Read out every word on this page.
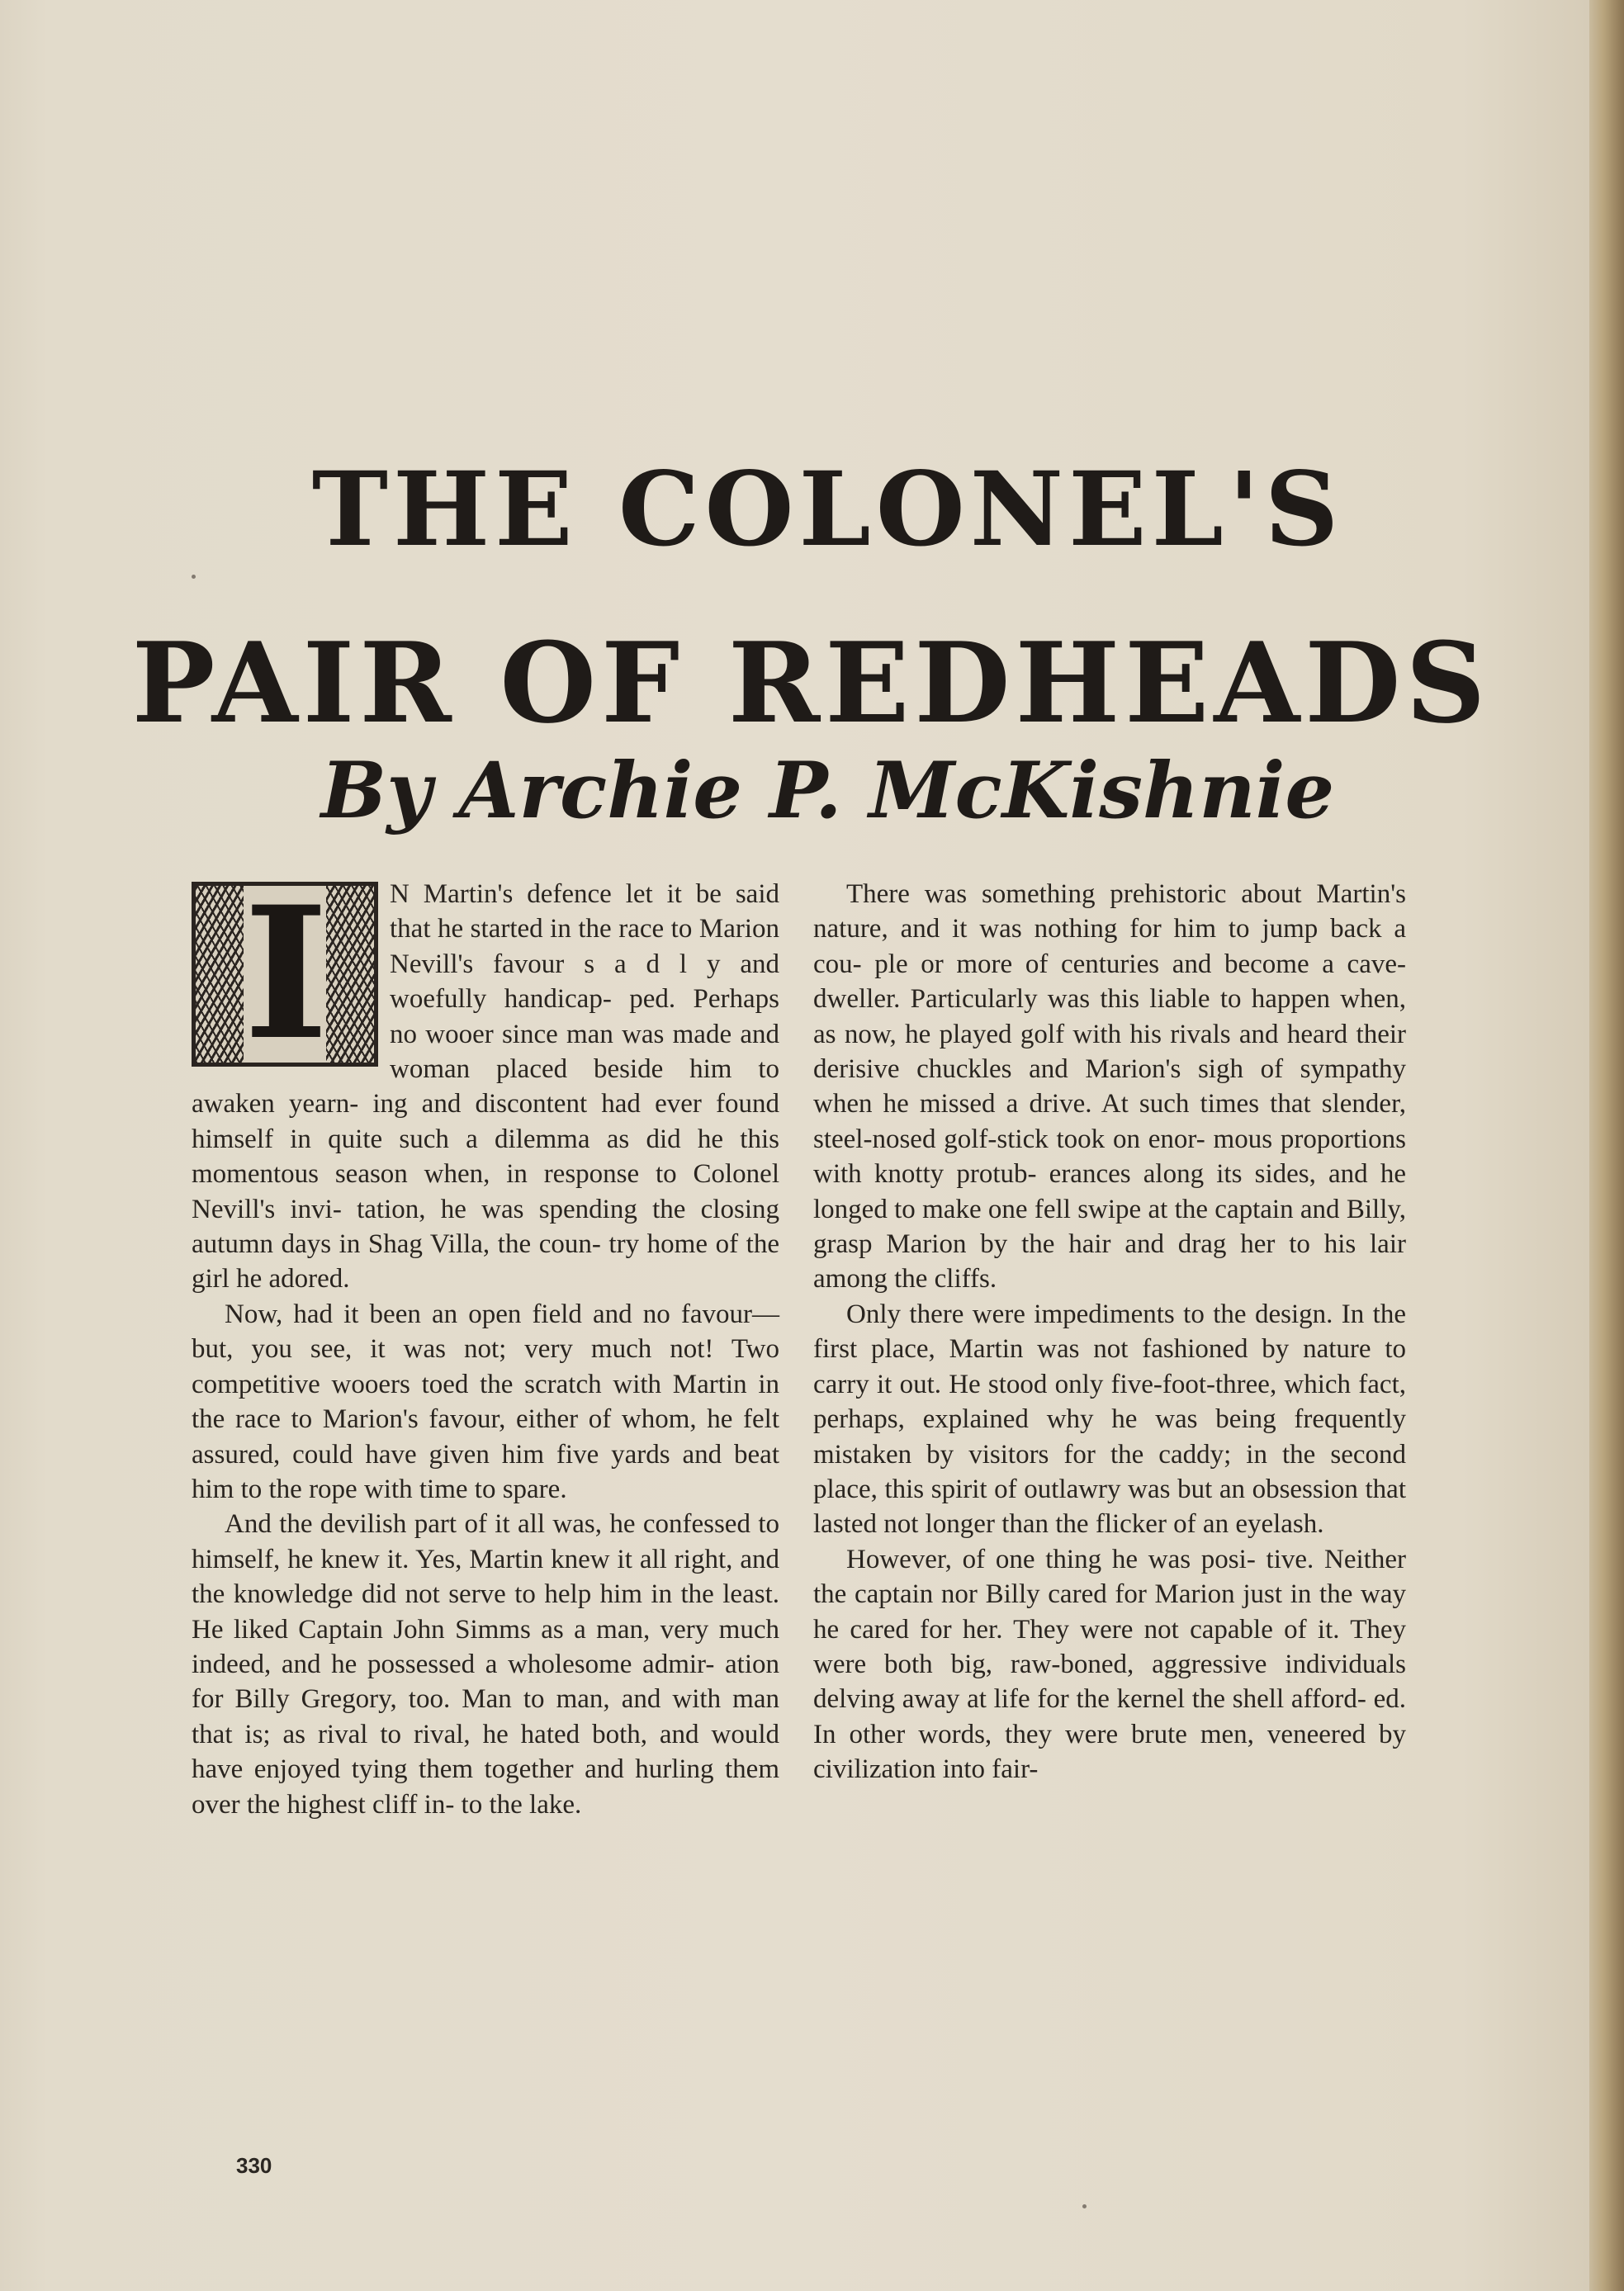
THE COLONEL'S
PAIR OF REDHEADS
By Archie P. McKishnie
I	N Martin's defence let it be said that he started in the race to Marion Nevill's favour s a d l y and woefully handicap- ped. Perhaps no wooer since man was made and woman placed beside him to awaken yearn- ing and discontent had ever found himself in quite such a dilemma as did he this momentous season when, in response to Colonel Nevill's invi- tation, he was spending the closing autumn days in Shag Villa, the coun- try home of the girl he adored.

Now, had it been an open field and no favour—but, you see, it was not; very much not! Two competitive wooers toed the scratch with Martin in the race to Marion's favour, either of whom, he felt assured, could have given him five yards and beat him to the rope with time to spare.

And the devilish part of it all was, he confessed to himself, he knew it. Yes, Martin knew it all right, and the knowledge did not serve to help him in the least. He liked Captain John Simms as a man, very much indeed, and he possessed a wholesome admir- ation for Billy Gregory, too. Man to man, and with man that is; as rival to rival, he hated both, and would have enjoyed tying them together and hurling them over the highest cliff in- to the lake.

There was something prehistoric about Martin's nature, and it was nothing for him to jump back a cou- ple or more of centuries and become a cave-dweller. Particularly was this liable to happen when, as now, he played golf with his rivals and heard their derisive chuckles and Marion's sigh of sympathy when he missed a drive. At such times that slender, steel-nosed golf-stick took on enor- mous proportions with knotty protub- erances along its sides, and he longed to make one fell swipe at the captain and Billy, grasp Marion by the hair and drag her to his lair among the cliffs.

Only there were impediments to the design. In the first place, Martin was not fashioned by nature to carry it out. He stood only five-foot-three, which fact, perhaps, explained why he was being frequently mistaken by visitors for the caddy; in the second place, this spirit of outlawry was but an obsession that lasted not longer than the flicker of an eyelash.

However, of one thing he was posi- tive. Neither the captain nor Billy cared for Marion just in the way he cared for her. They were not capable of it. They were both big, raw-boned, aggressive individuals delving away at life for the kernel the shell afford- ed. In other words, they were brute men, veneered by civilization into fair-

330
